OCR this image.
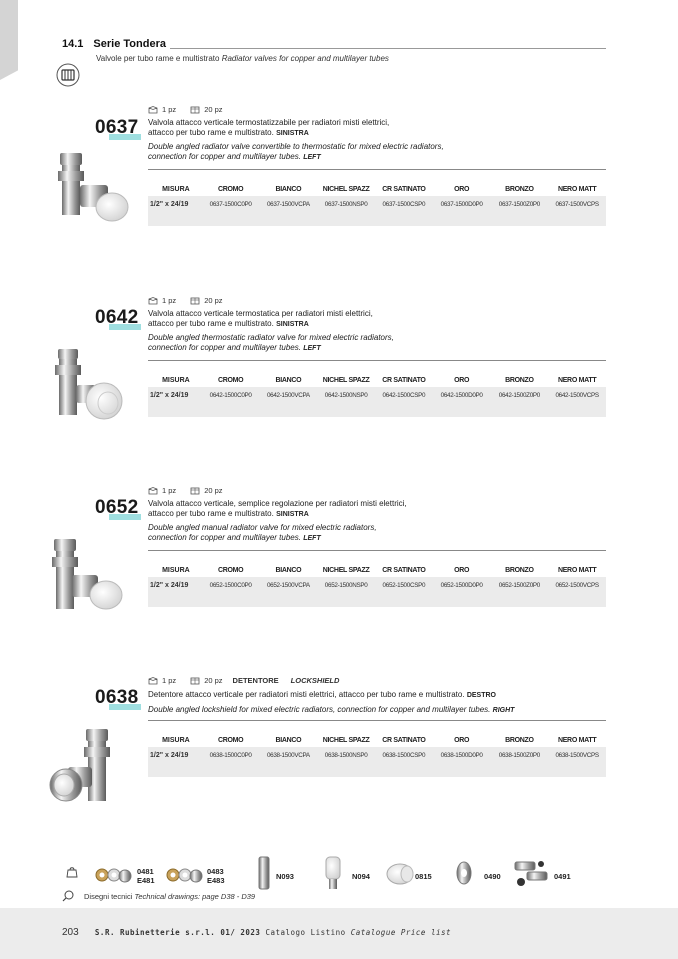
14.1 Serie Tondera
Valvole per tubo rame e multistrato Radiator valves for copper and multilayer tubes
1 pz	20 pz
0637 Valvola attacco verticale termostatizzabile per radiatori misti elettrici,
attacco per tubo rame e multistrato. SINISTRA
Double angled radiator valve convertible to thermostatic for mixed electric radiators,
connection for copper and multilayer tubes. LEFT
MISURA	CROMO	BIANCO	NICHEL SPAZZ	CR SATINATO	ORO	BRONZO	NERO MATT
1/2" x 24/19	0637-1500C0P0	0637-1500VCPA	0637-1500NSP0	0637-1500CSP0	0637-1500D0P0	0637-1500Z0P0	0637-1500VCPS
1 pz	20 pz
0642 Valvola attacco verticale termostatica per radiatori misti elettrici,
attacco per tubo rame e multistrato. SINISTRA
Double angled thermostatic radiator valve for mixed electric radiators,
connection for copper and multilayer tubes. LEFT
MISURA	CROMO	BIANCO	NICHEL SPAZZ	CR SATINATO	ORO	BRONZO	NERO MATT
1/2" x 24/19	0642-1500C0P0	0642-1500VCPA	0642-1500NSP0	0642-1500CSP0	0642-1500D0P0	0642-1500Z0P0	0642-1500VCPS
1 pz	20 pz
0652 Valvola attacco verticale, semplice regolazione per radiatori misti elettrici,
attacco per tubo rame e multistrato. SINISTRA
Double angled manual radiator valve for mixed electric radiators,
connection for copper and multilayer tubes. LEFT
MISURA	CROMO	BIANCO	NICHEL SPAZZ	CR SATINATO	ORO	BRONZO	NERO MATT
1/2" x 24/19	0652-1500C0P0	0652-1500VCPA	0652-1500NSP0	0652-1500CSP0	0652-1500D0P0	0652-1500Z0P0	0652-1500VCPS
1 pz	20 pz DETENTORE LOCKSHIELD
0638 Detentore attacco verticale per radiatori misti elettrici, attacco per tubo rame e multistrato. DESTRO
Double angled lockshield for mixed electric radiators, connection for copper and multilayer tubes. RIGHT
MISURA	CROMO	BIANCO	NICHEL SPAZZ	CR SATINATO	ORO	BRONZO	NERO MATT
1/2" x 24/19	0638-1500C0P0	0638-1500VCPA	0638-1500NSP0	0638-1500CSP0	0638-1500D0P0	0638-1500Z0P0	0638-1500VCPS
0481
E481
0483
E483	N093	N094	0815	0490	0491
Disegni tecnici Technical drawings: page D38 - D39
203 S.R. Rubinetterie s.r.l. 01/ 2023 Catalogo Listino Catalogue Price list
